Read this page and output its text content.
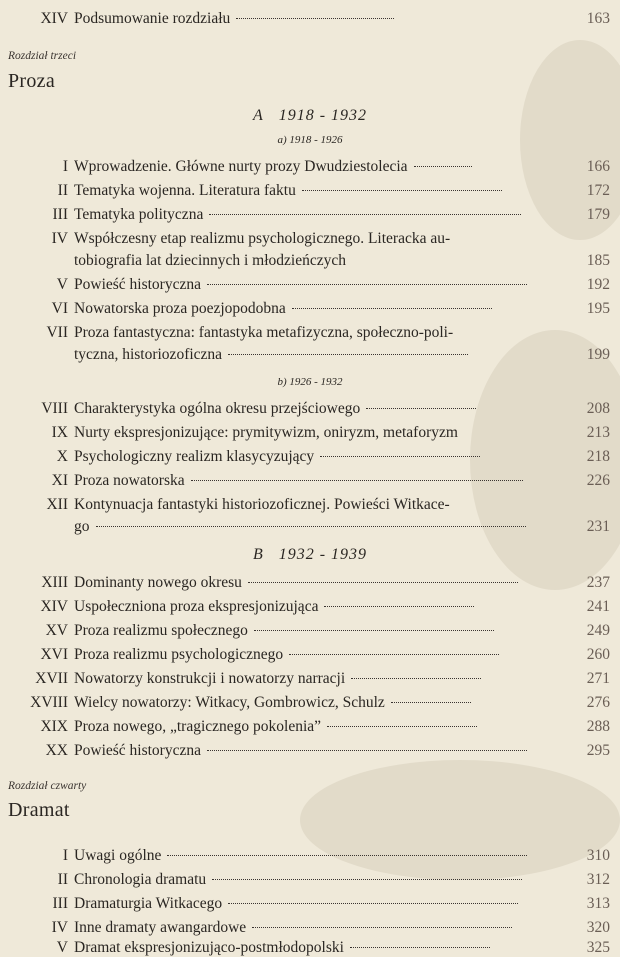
XIV Podsumowanie rozdziału	163
Rozdział trzeci
Proza
A 1918 - 1932
a) 1918 - 1926
I Wprowadzenie. Główne nurty prozy Dwudziestolecia	166
II Tematyka wojenna. Literatura faktu	172
III Tematyka polityczna	179
IV Współczesny etap realizmu psychologicznego. Literacka au-
tobiografia lat dziecinnych i młodzieńczych	185
V Powieść historyczna	192
VI Nowatorska proza poezjopodobna	195
VII Proza fantastyczna: fantastyka metafizyczna, społeczno-poli-
tyczna, historiozoficzna	199
b) 1926 - 1932
VIII Charakterystyka ogólna okresu przejściowego	208
IX Nurty ekspresjonizujące: prymitywizm, oniryzm, metaforyzm	213
X Psychologiczny realizm klasycyzujący	218
XI Proza nowatorska	226
XII Kontynuacja fantastyki historiozoficznej. Powieści Witkace-
go	231
B 1932 - 1939
XIII Dominanty nowego okresu	237
XIV Uspołeczniona proza ekspresjonizująca	241
XV Proza realizmu społecznego	249
XVI Proza realizmu psychologicznego	260
XVII Nowatorzy konstrukcji i nowatorzy narracji	271
XVIII Wielcy nowatorzy: Witkacy, Gombrowicz, Schulz	276
XIX Proza nowego, „tragicznego pokolenia”	288
XX Powieść historyczna	295
Rozdział czwarty
Dramat
I Uwagi ogólne	310
II Chronologia dramatu	312
III Dramaturgia Witkacego	313
IV Inne dramaty awangardowe	320
V Dramat ekspresjonizująco-postmłodopolski	325
